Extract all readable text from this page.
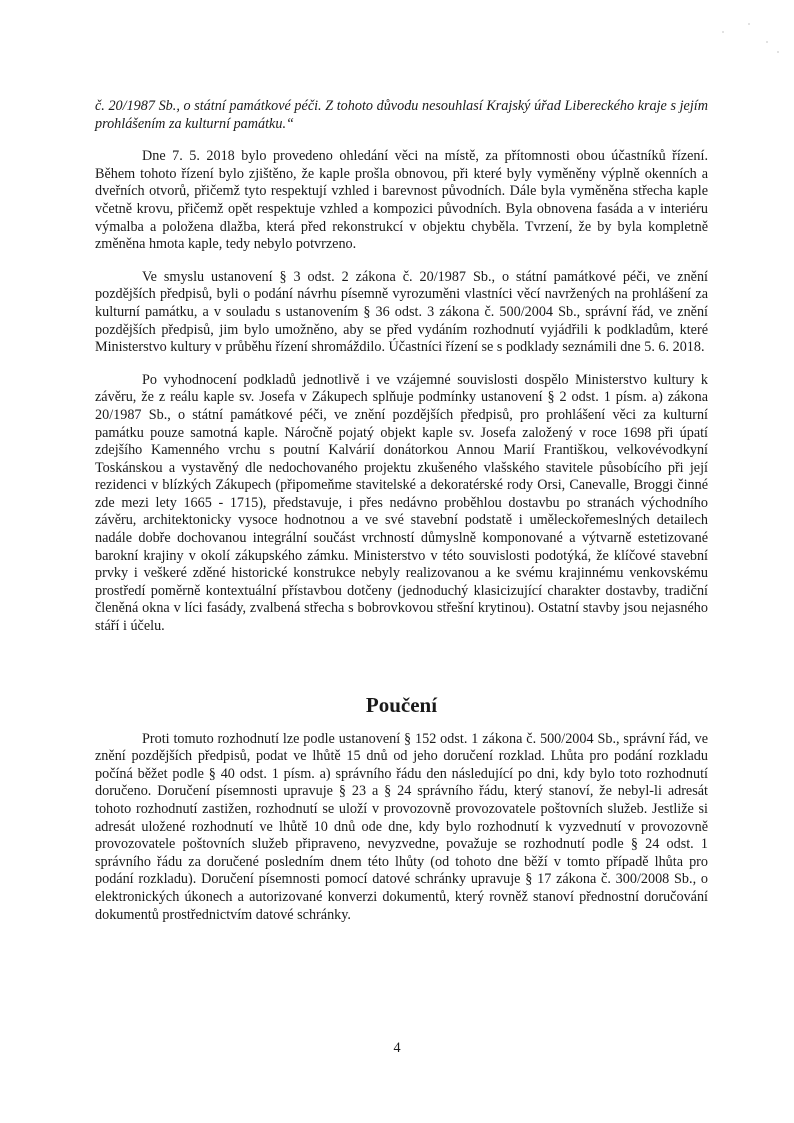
č. 20/1987 Sb., o státní památkové péči. Z tohoto důvodu nesouhlasí Krajský úřad Libereckého kraje s jejím prohlášením za kulturní památku.“

Dne 7. 5. 2018 bylo provedeno ohledání věci na místě, za přítomnosti obou účastníků řízení. Během tohoto řízení bylo zjištěno, že kaple prošla obnovou, při které byly vyměněny výplně okenních a dveřních otvorů, přičemž tyto respektují vzhled i barevnost původních. Dále byla vyměněna střecha kaple včetně krovu, přičemž opět respektuje vzhled a kompozici původních. Byla obnovena fasáda a v interiéru výmalba a položena dlažba, která před rekonstrukcí v objektu chyběla. Tvrzení, že by byla kompletně změněna hmota kaple, tedy nebylo potvrzeno.

Ve smyslu ustanovení § 3 odst. 2 zákona č. 20/1987 Sb., o státní památkové péči, ve znění pozdějších předpisů, byli o podání návrhu písemně vyrozuměni vlastníci věcí navržených na prohlášení za kulturní památku, a v souladu s ustanovením § 36 odst. 3 zákona č. 500/2004 Sb., správní řád, ve znění pozdějších předpisů, jim bylo umožněno, aby se před vydáním rozhodnutí vyjádřili k podkladům, které Ministerstvo kultury v průběhu řízení shromáždilo. Účastníci řízení se s podklady seznámili dne 5. 6. 2018.

Po vyhodnocení podkladů jednotlivě i ve vzájemné souvislosti dospělo Ministerstvo kultury k závěru, že z reálu kaple sv. Josefa v Zákupech splňuje podmínky ustanovení § 2 odst. 1 písm. a) zákona 20/1987 Sb., o státní památkové péči, ve znění pozdějších předpisů, pro prohlášení věci za kulturní památku pouze samotná kaple. Náročně pojatý objekt kaple sv. Josefa založený v roce 1698 při úpatí zdejšího Kamenného vrchu s poutní Kalvárií donátorkou Annou Marií Františkou, velkovévodkyní Toskánskou a vystavěný dle nedochovaného projektu zkušeného vlašského stavitele působícího při její rezidenci v blízkých Zákupech (připomeňme stavitelské a dekoratérské rody Orsi, Canevalle, Broggi činné zde mezi lety 1665 - 1715), představuje, i přes nedávno proběhlou dostavbu po stranách východního závěru, architektonicky vysoce hodnotnou a ve své stavební podstatě i uměleckořemeslných detailech nadále dobře dochovanou integrální součást vrchností důmyslně komponované a výtvarně estetizované barokní krajiny v okolí zákupského zámku. Ministerstvo v této souvislosti podotýká, že klíčové stavební prvky i veškeré zděné historické konstrukce nebyly realizovanou a ke svému krajinnému venkovskému prostředí poměrně kontextuální přístavbou dotčeny (jednoduchý klasicizující charakter dostavby, tradiční členěná okna v líci fasády, zvalbená střecha s bobrovkovou střešní krytinou). Ostatní stavby jsou nejasného stáří i účelu.

Poučení

Proti tomuto rozhodnutí lze podle ustanovení § 152 odst. 1 zákona č. 500/2004 Sb., správní řád, ve znění pozdějších předpisů, podat ve lhůtě 15 dnů od jeho doručení rozklad. Lhůta pro podání rozkladu počíná běžet podle § 40 odst. 1 písm. a) správního řádu den následující po dni, kdy bylo toto rozhodnutí doručeno. Doručení písemnosti upravuje § 23 a § 24 správního řádu, který stanoví, že nebyl-li adresát tohoto rozhodnutí zastižen, rozhodnutí se uloží v provozovně provozovatele poštovních služeb. Jestliže si adresát uložené rozhodnutí ve lhůtě 10 dnů ode dne, kdy bylo rozhodnutí k vyzvednutí v provozovně provozovatele poštovních služeb připraveno, nevyzvedne, považuje se rozhodnutí podle § 24 odst. 1 správního řádu za doručené posledním dnem této lhůty (od tohoto dne běží v tomto případě lhůta pro podání rozkladu). Doručení písemnosti pomocí datové schránky upravuje § 17 zákona č. 300/2008 Sb., o elektronických úkonech a autorizované konverzi dokumentů, který rovněž stanoví přednostní doručování dokumentů prostřednictvím datové schránky.

4
